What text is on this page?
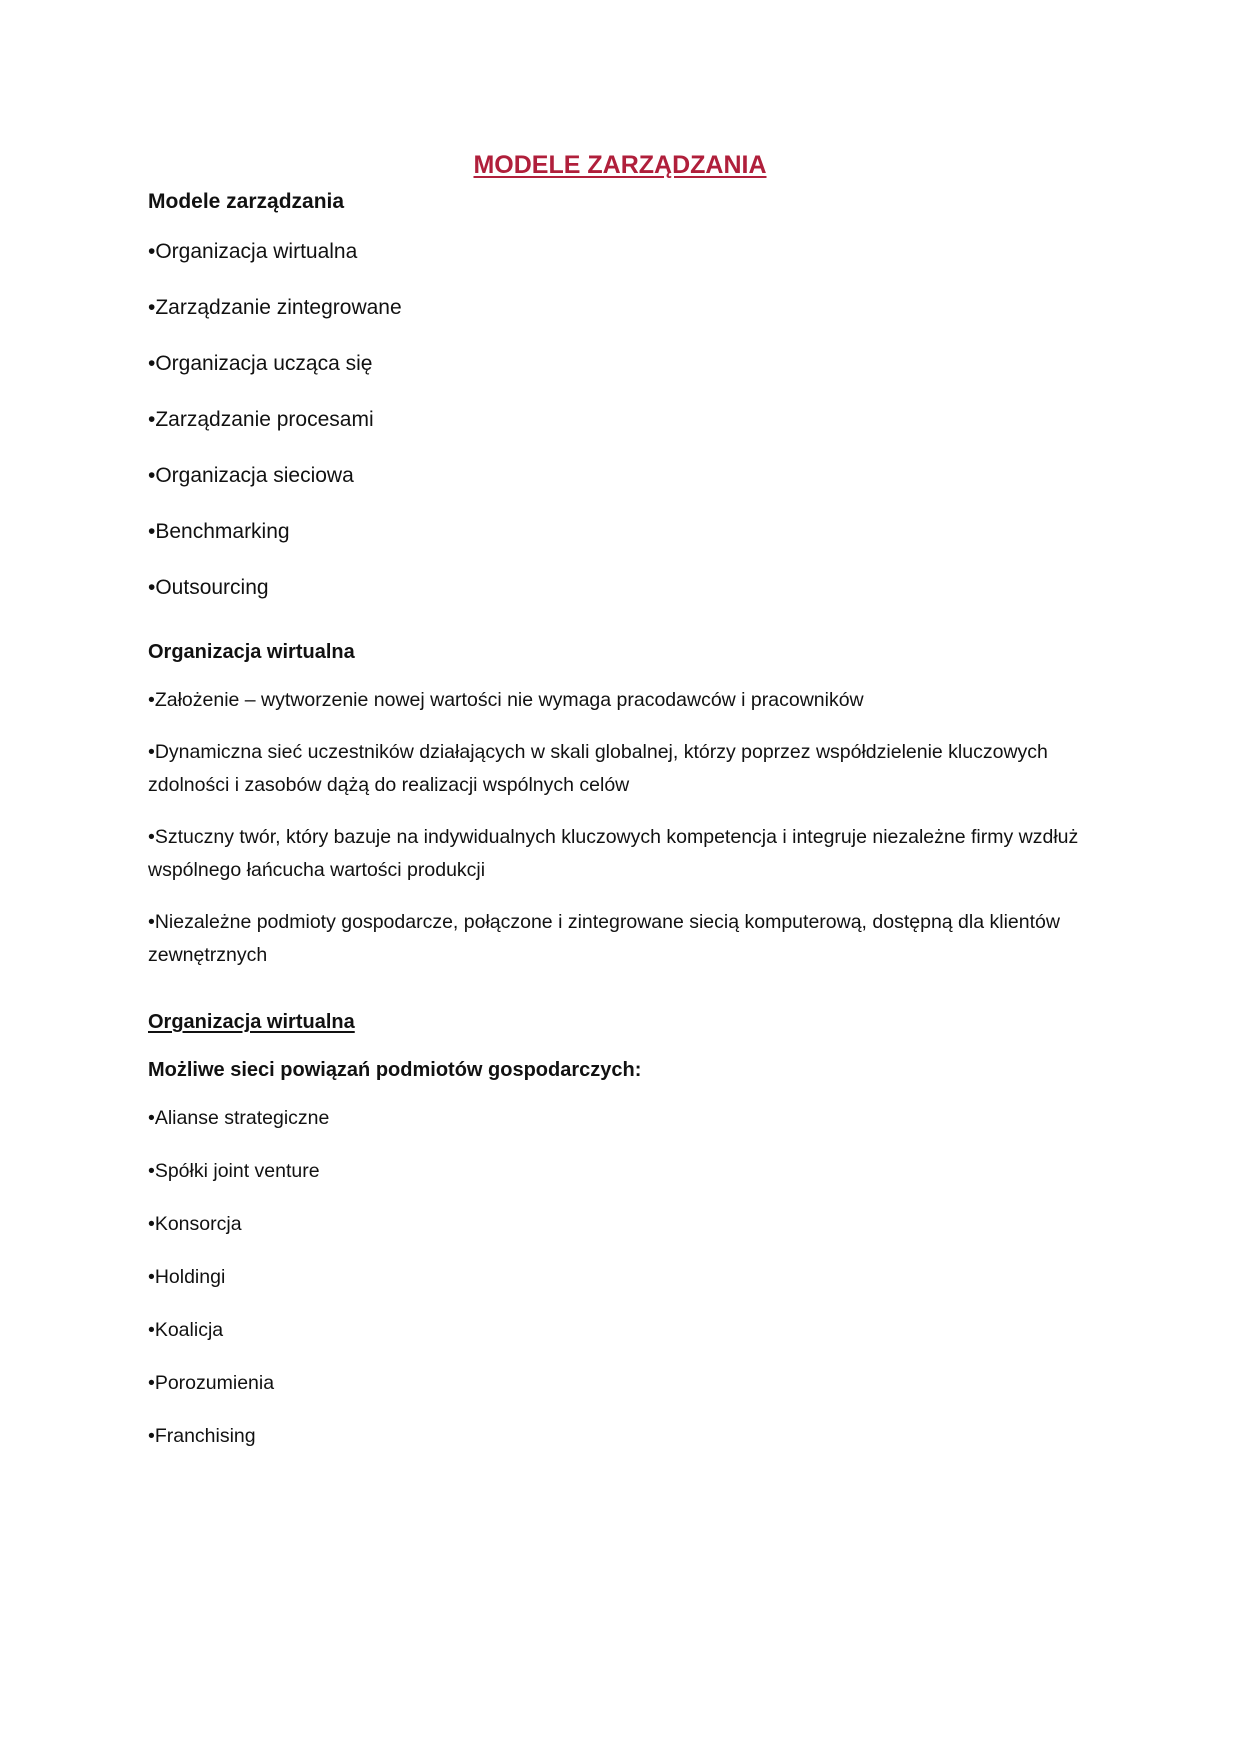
MODELE ZARZĄDZANIA

Modele zarządzania

•Organizacja wirtualna

•Zarządzanie zintegrowane

•Organizacja ucząca się

•Zarządzanie procesami

•Organizacja sieciowa

•Benchmarking

•Outsourcing

Organizacja wirtualna

•Założenie – wytworzenie nowej wartości nie wymaga pracodawców i pracowników

•Dynamiczna sieć uczestników działających w skali globalnej, którzy poprzez współdzielenie kluczowych zdolności i zasobów dążą do realizacji wspólnych celów

•Sztuczny twór, który bazuje na indywidualnych kluczowych kompetencja i integruje niezależne firmy wzdłuż wspólnego łańcucha wartości produkcji

•Niezależne podmioty gospodarcze, połączone i zintegrowane siecią komputerową, dostępną dla klientów zewnętrznych

Organizacja wirtualna

Możliwe sieci powiązań podmiotów gospodarczych:

•Alianse strategiczne

•Spółki joint venture

•Konsorcja

•Holdingi

•Koalicja

•Porozumienia

•Franchising
